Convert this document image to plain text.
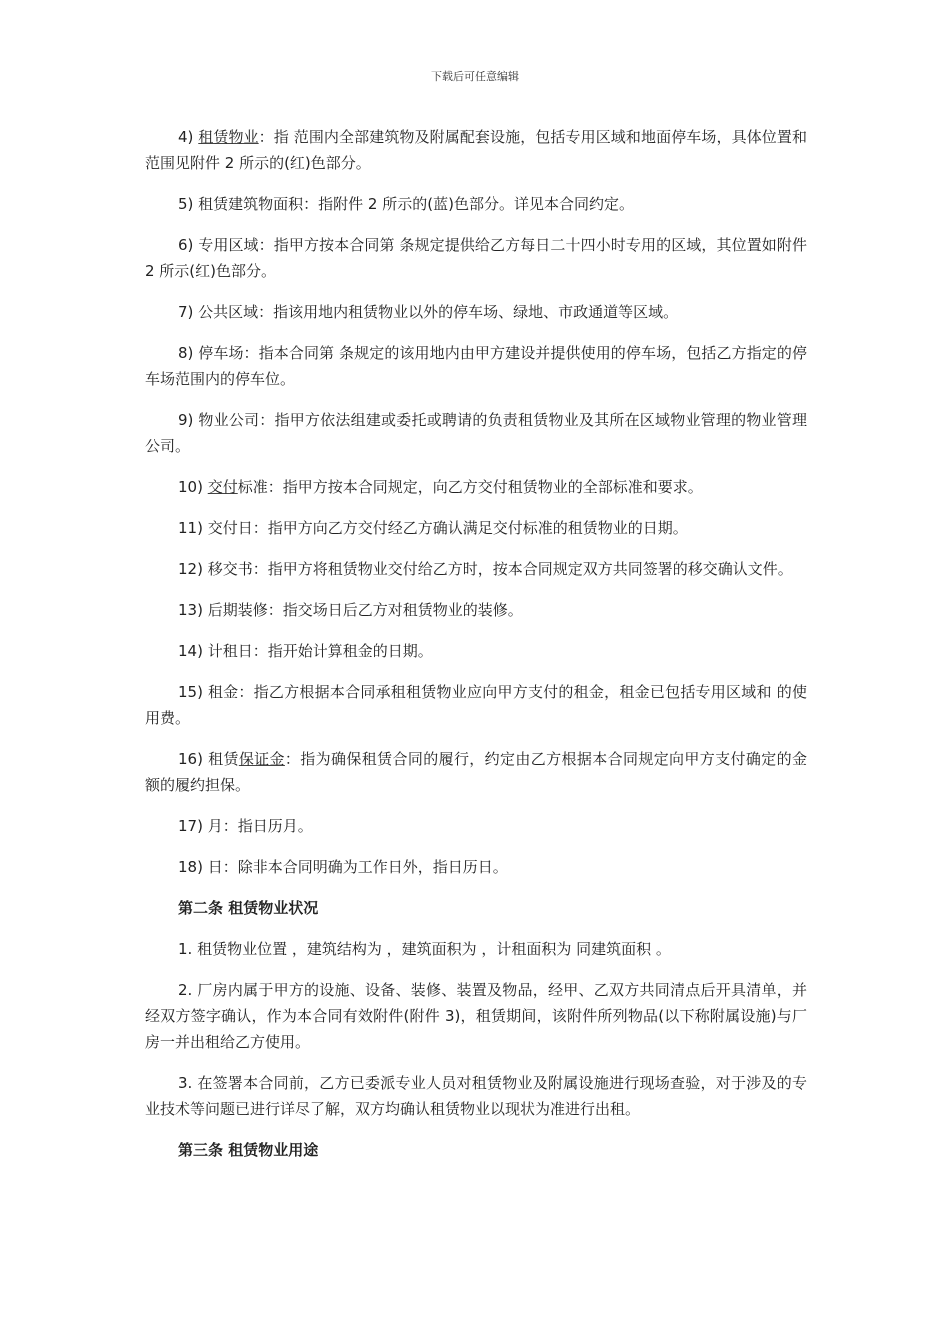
下载后可任意编辑

4) 租赁物业：指 范围内全部建筑物及附属配套设施，包括专用区域和地面停车场，具体位置和范围见附件 2 所示的(红)色部分。

5) 租赁建筑物面积：指附件 2 所示的(蓝)色部分。详见本合同约定。

6) 专用区域：指甲方按本合同第 条规定提供给乙方每日二十四小时专用的区域，其位置如附件 2 所示(红)色部分。

7) 公共区域：指该用地内租赁物业以外的停车场、绿地、市政通道等区域。

8) 停车场：指本合同第 条规定的该用地内由甲方建设并提供使用的停车场，包括乙方指定的停车场范围内的停车位。

9) 物业公司：指甲方依法组建或委托或聘请的负责租赁物业及其所在区域物业管理的物业管理公司。

10) 交付标准：指甲方按本合同规定，向乙方交付租赁物业的全部标准和要求。

11) 交付日：指甲方向乙方交付经乙方确认满足交付标准的租赁物业的日期。

12) 移交书：指甲方将租赁物业交付给乙方时，按本合同规定双方共同签署的移交确认文件。

13) 后期装修：指交场日后乙方对租赁物业的装修。

14) 计租日：指开始计算租金的日期。

15) 租金：指乙方根据本合同承租租赁物业应向甲方支付的租金，租金已包括专用区域和 的使用费。

16) 租赁保证金：指为确保租赁合同的履行，约定由乙方根据本合同规定向甲方支付确定的金额的履约担保。

17) 月：指日历月。

18) 日：除非本合同明确为工作日外，指日历日。

第二条 租赁物业状况

1. 租赁物业位置 ，建筑结构为 ，建筑面积为 ，计租面积为 同建筑面积 。

2. 厂房内属于甲方的设施、设备、装修、装置及物品，经甲、乙双方共同清点后开具清单，并经双方签字确认，作为本合同有效附件(附件 3)，租赁期间，该附件所列物品(以下称附属设施)与厂房一并出租给乙方使用。

3. 在签署本合同前，乙方已委派专业人员对租赁物业及附属设施进行现场查验，对于涉及的专业技术等问题已进行详尽了解，双方均确认租赁物业以现状为准进行出租。

第三条 租赁物业用途
